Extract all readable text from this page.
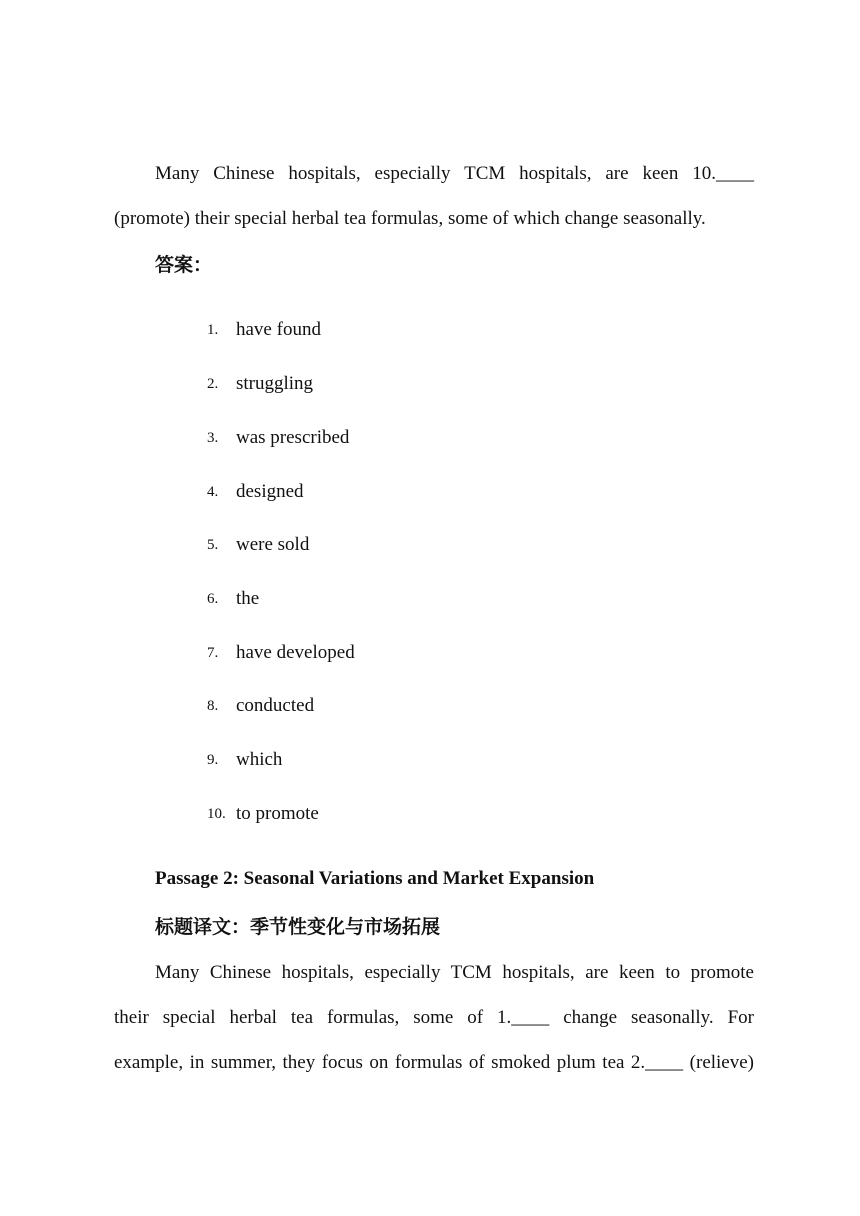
Many Chinese hospitals, especially TCM hospitals, are keen 10.____
(promote) their special herbal tea formulas, some of which change seasonally.
答案：
1. have found
2. struggling
3. was prescribed
4. designed
5. were sold
6. the
7. have developed
8. conducted
9. which
10. to promote
Passage 2: Seasonal Variations and Market Expansion
标题译文：季节性变化与市场拓展
Many Chinese hospitals, especially TCM hospitals, are keen to promote
their special herbal tea formulas, some of 1.____ change seasonally. For
example, in summer, they focus on formulas of smoked plum tea 2.____ (relieve)
